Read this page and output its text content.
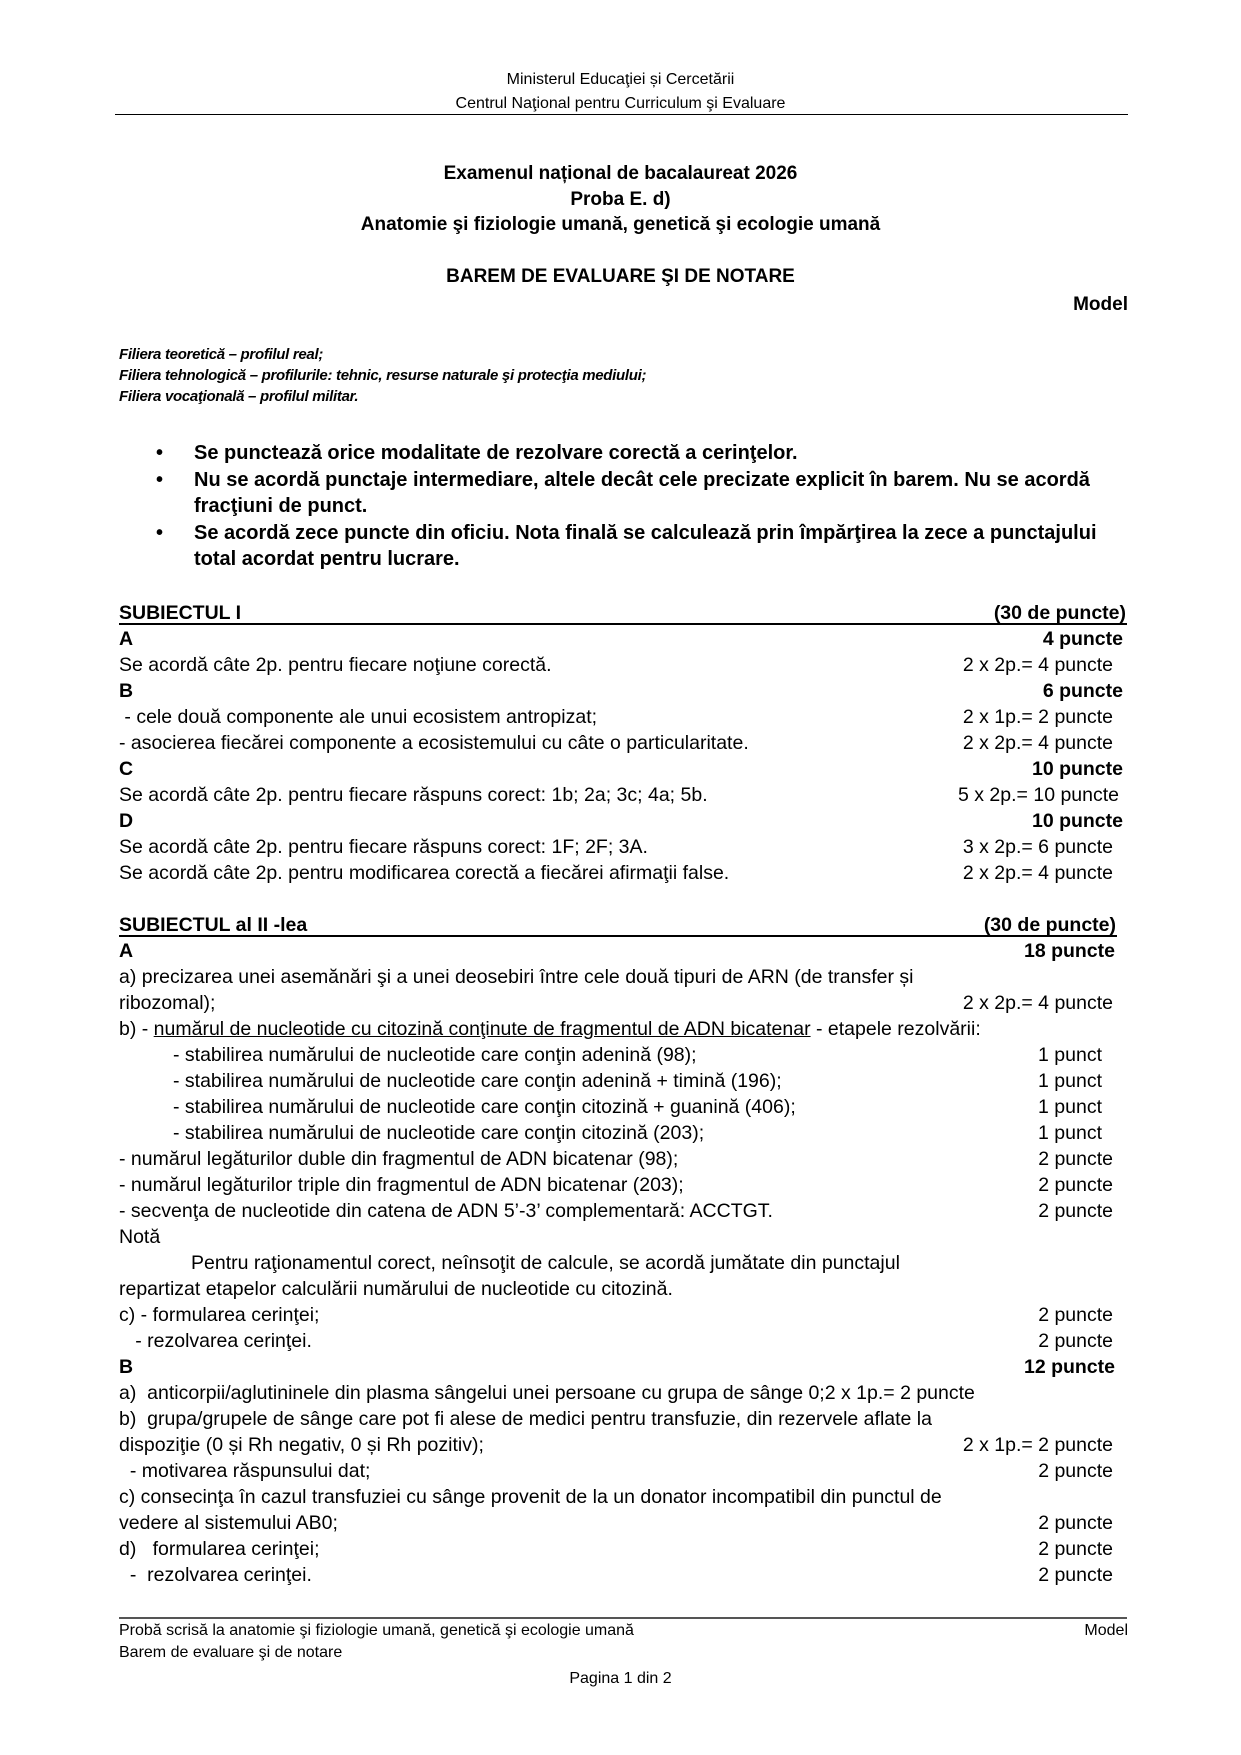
Ministerul Educaţiei și Cercetării
Centrul Naţional pentru Curriculum şi Evaluare
Examenul național de bacalaureat 2026
Proba E. d)
Anatomie şi fiziologie umană, genetică şi ecologie umană
BAREM DE EVALUARE ŞI DE NOTARE
Model
Filiera teoretică – profilul real;
Filiera tehnologică – profilurile: tehnic, resurse naturale şi protecţia mediului;
Filiera vocaţională – profilul militar.
• Se punctează orice modalitate de rezolvare corectă a cerinţelor.
• Nu se acordă punctaje intermediare, altele decât cele precizate explicit în barem. Nu se acordă fracţiuni de punct.
• Se acordă zece puncte din oficiu. Nota finală se calculează prin împărţirea la zece a punctajului total acordat pentru lucrare.
SUBIECTUL I	(30 de puncte)
A	4 puncte
Se acordă câte 2p. pentru fiecare noţiune corectă.	2 x 2p.= 4 puncte
B	6 puncte
- cele două componente ale unui ecosistem antropizat;	2 x 1p.= 2 puncte
- asocierea fiecărei componente a ecosistemului cu câte o particularitate.	2 x 2p.= 4 puncte
C	10 puncte
Se acordă câte 2p. pentru fiecare răspuns corect: 1b; 2a; 3c; 4a; 5b.	5 x 2p.= 10 puncte
D	10 puncte
Se acordă câte 2p. pentru fiecare răspuns corect: 1F; 2F; 3A.	3 x 2p.= 6 puncte
Se acordă câte 2p. pentru modificarea corectă a fiecărei afirmaţii false.	2 x 2p.= 4 puncte
SUBIECTUL al II -lea	(30 de puncte)
A	18 puncte
a) precizarea unei asemănări şi a unei deosebiri între cele două tipuri de ARN (de transfer și
ribozomal);	2 x 2p.= 4 puncte
b) - numărul de nucleotide cu citozină conţinute de fragmentul de ADN bicatenar - etapele rezolvării:
- stabilirea numărului de nucleotide care conţin adenină (98);	1 punct
- stabilirea numărului de nucleotide care conţin adenină + timină (196);	1 punct
- stabilirea numărului de nucleotide care conţin citozină + guanină (406);	1 punct
- stabilirea numărului de nucleotide care conţin citozină (203);	1 punct
- numărul legăturilor duble din fragmentul de ADN bicatenar (98);	2 puncte
- numărul legăturilor triple din fragmentul de ADN bicatenar (203);	2 puncte
- secvenţa de nucleotide din catena de ADN 5’-3’ complementară: ACCTGT.	2 puncte
Notă
Pentru raţionamentul corect, neînsoţit de calcule, se acordă jumătate din punctajul
repartizat etapelor calculării numărului de nucleotide cu citozină.
c) - formularea cerinţei;	2 puncte
- rezolvarea cerinţei.	2 puncte
B	12 puncte
a)  anticorpii/aglutininele din plasma sângelui unei persoane cu grupa de sânge 0;2 x 1p.= 2 puncte
b)  grupa/grupele de sânge care pot fi alese de medici pentru transfuzie, din rezervele aflate la
dispoziţie (0 și Rh negativ, 0 și Rh pozitiv);	2 x 1p.= 2 puncte
- motivarea răspunsului dat;	2 puncte
c) consecinţa în cazul transfuziei cu sânge provenit de la un donator incompatibil din punctul de
vedere al sistemului AB0;	2 puncte
d)   formularea cerinţei;	2 puncte
-  rezolvarea cerinţei.	2 puncte
Probă scrisă la anatomie şi fiziologie umană, genetică şi ecologie umană	Model
Barem de evaluare şi de notare
Pagina 1 din 2
